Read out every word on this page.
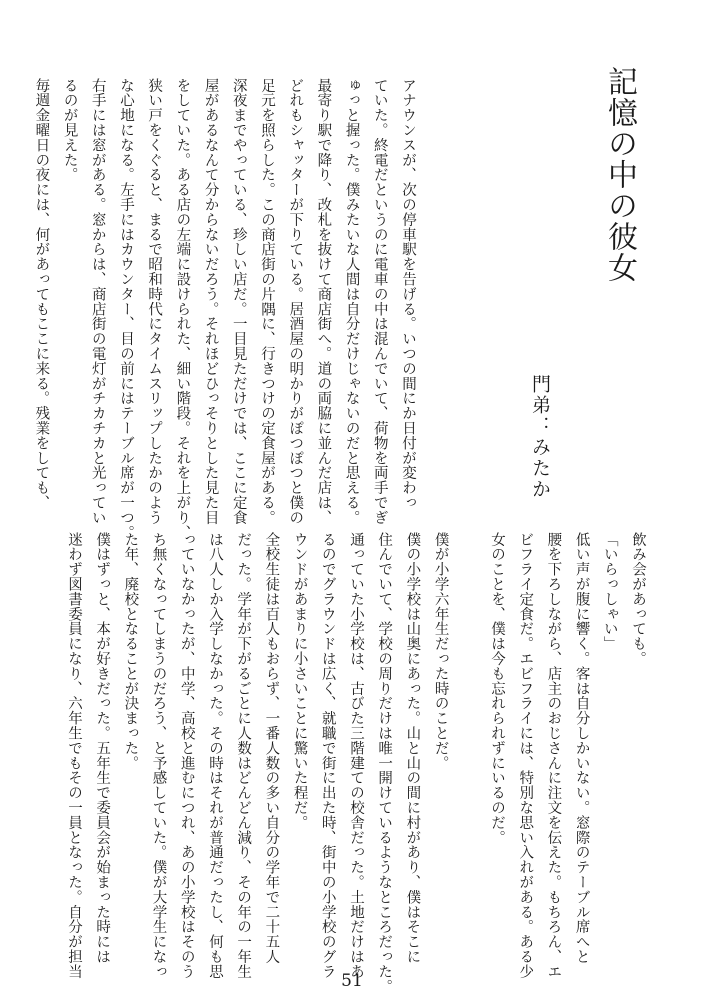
記憶の中の彼女
門弟：みたか
アナウンスが、次の停車駅を告げる。いつの間にか日付が変わっ
ていた。終電だというのに電車の中は混んでいて、荷物を両手でぎ
ゅっと握った。僕みたいな人間は自分だけじゃないのだと思える。
最寄り駅で降り、改札を抜けて商店街へ。道の両脇に並んだ店は、
どれもシャッターが下りている。居酒屋の明かりがぽつぽつと僕の
足元を照らした。この商店街の片隅に、行きつけの定食屋がある。
深夜までやっている、珍しい店だ。一目見ただけでは、ここに定食
屋があるなんて分からないだろう。それほどひっそりとした見た目
をしていた。ある店の左端に設けられた、細い階段。それを上がり、
狭い戸をくぐると、まるで昭和時代にタイムスリップしたかのよう
な心地になる。左手にはカウンター、目の前にはテーブル席が一つ。
右手には窓がある。窓からは、商店街の電灯がチカチカと光ってい
るのが見えた。
毎週金曜日の夜には、何があってもここに来る。残業をしても、
飲み会があっても。
「いらっしゃい」
低い声が腹に響く。客は自分しかいない。窓際のテーブル席へと
腰を下ろしながら、店主のおじさんに注文を伝えた。もちろん、エ
ビフライ定食だ。エビフライには、特別な思い入れがある。ある少
女のことを、僕は今も忘れられずにいるのだ。

僕が小学六年生だった時のことだ。
僕の小学校は山奥にあった。山と山の間に村があり、僕はそこに
住んでいて、学校の周りだけは唯一開けているようなところだった。
通っていた小学校は、古びた三階建ての校舎だった。土地だけはあ
るのでグラウンドは広く、就職で街に出た時、街中の小学校のグラ
ウンドがあまりに小さいことに驚いた程だ。
全校生徒は百人もおらず、一番人数の多い自分の学年で二十五人
だった。学年が下がるごとに人数はどんどん減り、その年の一年生
は八人しか入学しなかった。その時はそれが普通だったし、何も思
っていなかったが、中学、高校と進むにつれ、あの小学校はそのう
ち無くなってしまうのだろう、と予感していた。僕が大学生になっ
た年、廃校となることが決まった。
僕はずっと、本が好きだった。五年生で委員会が始まった時には
迷わず図書委員になり、六年生でもその一員となった。自分が担当
51
